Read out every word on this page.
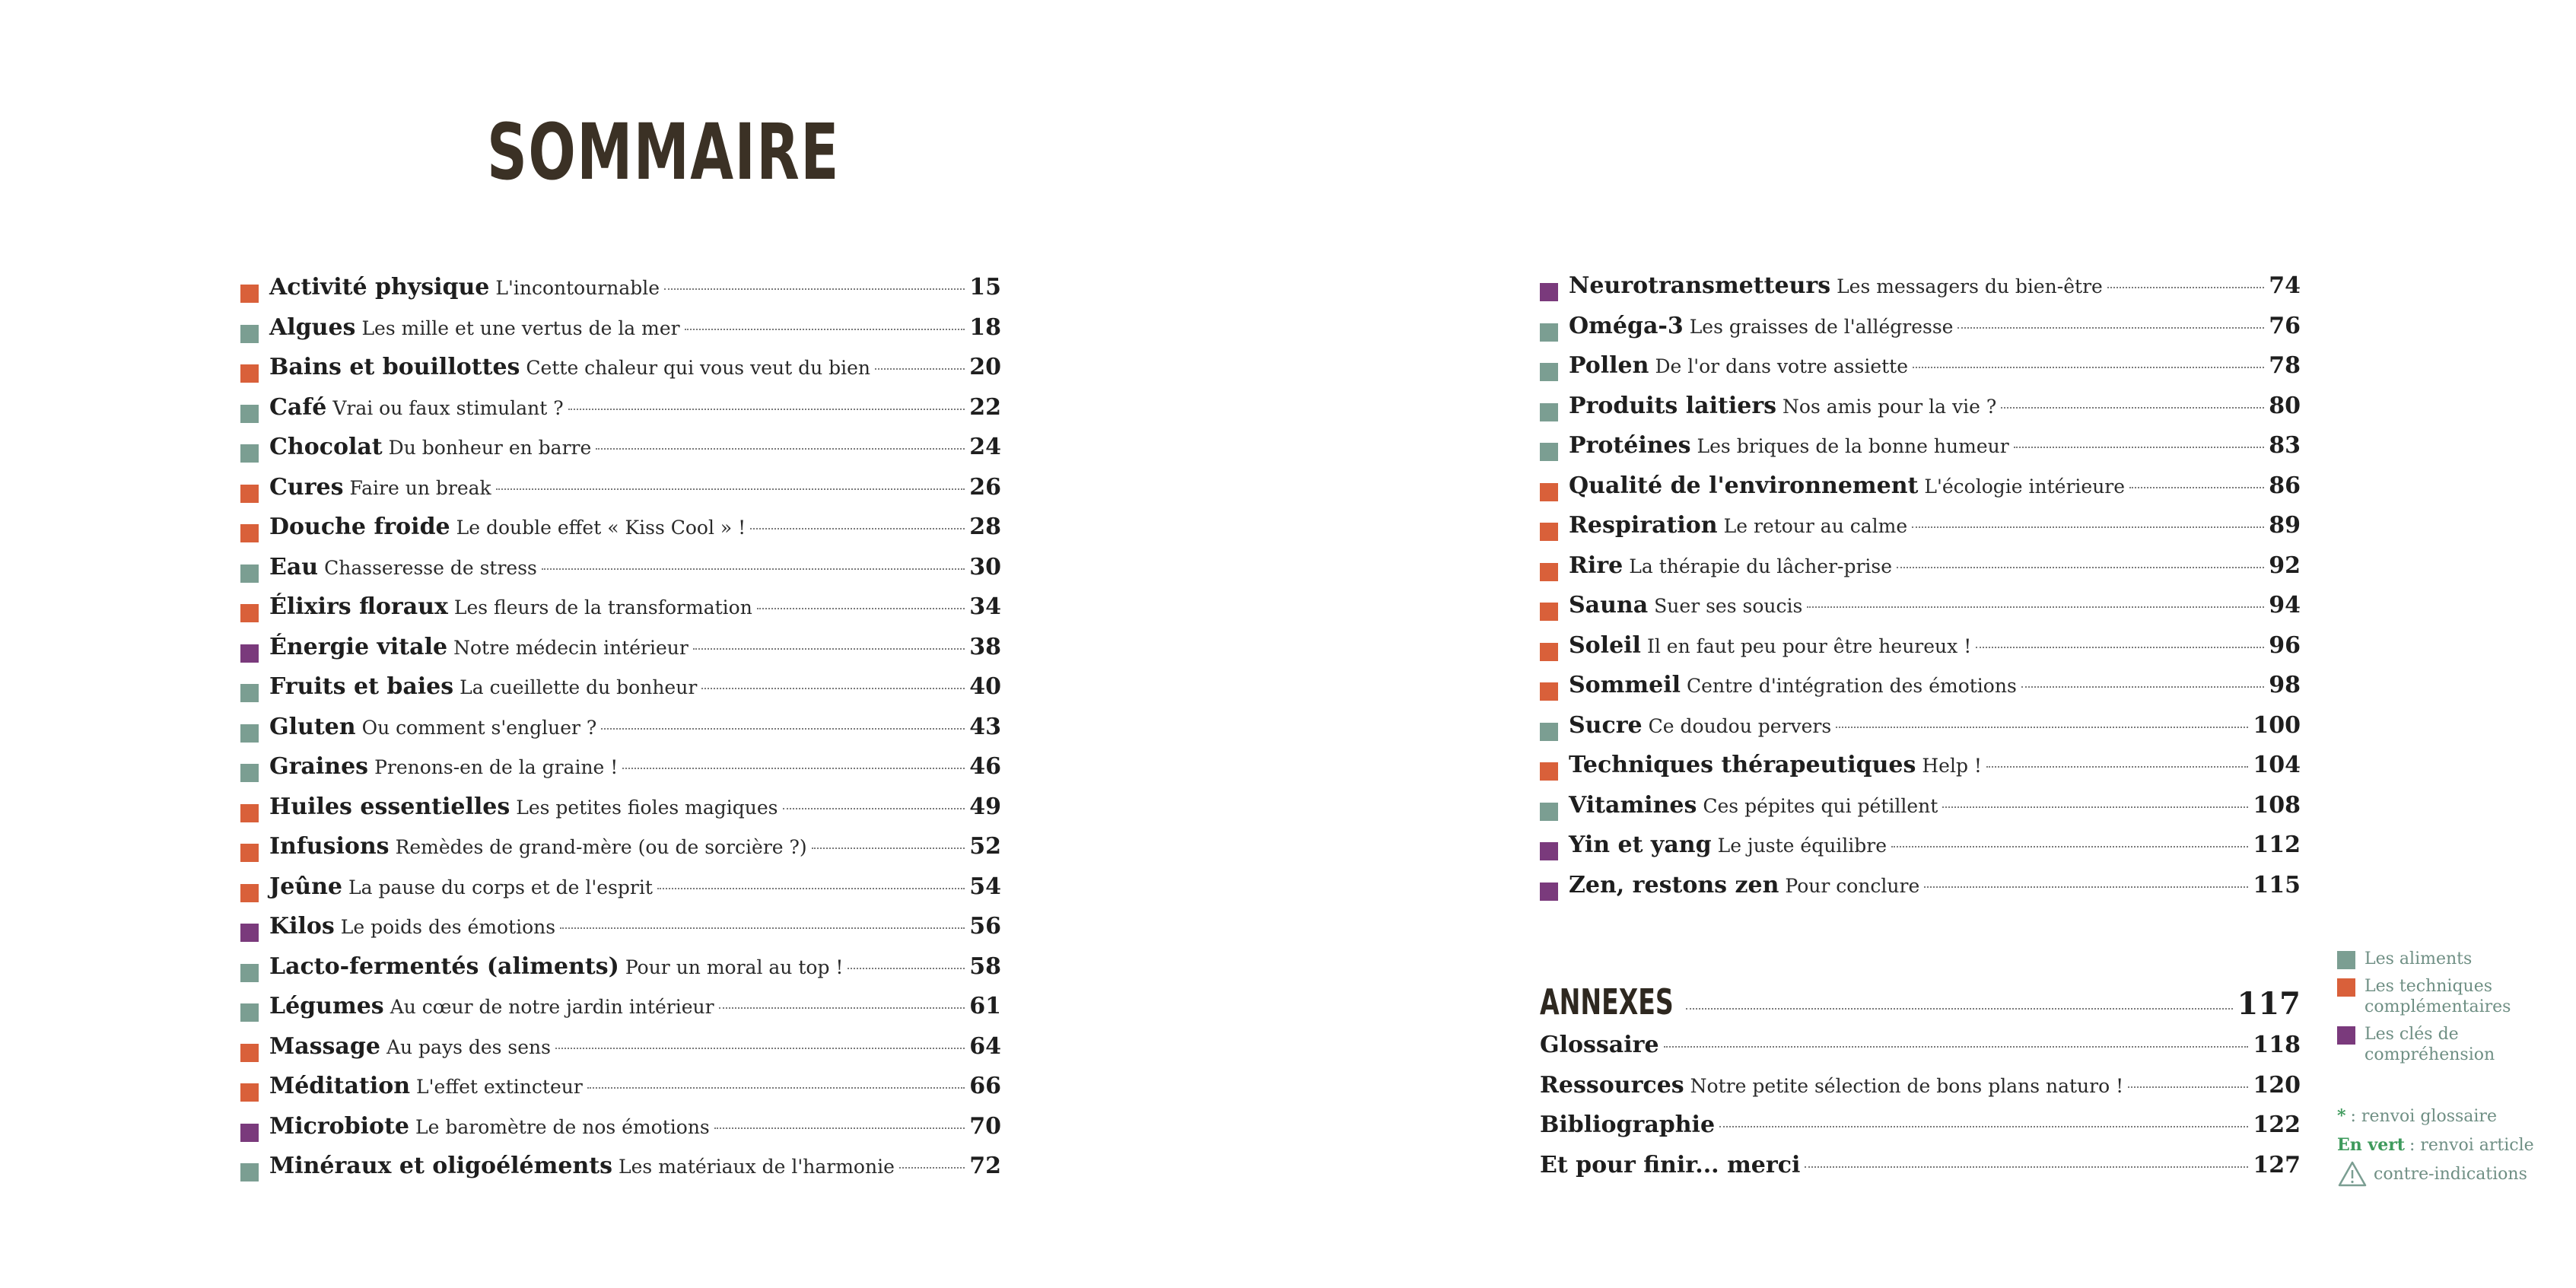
SOMMAIRE
Activité physique L'incontournable	15
Algues Les mille et une vertus de la mer	18
Bains et bouillottes Cette chaleur qui vous veut du bien	20
Café Vrai ou faux stimulant ?	22
Chocolat Du bonheur en barre	24
Cures Faire un break	26
Douche froide Le double effet « Kiss Cool » !	28
Eau Chasseresse de stress	30
Élixirs floraux Les fleurs de la transformation	34
Énergie vitale Notre médecin intérieur	38
Fruits et baies La cueillette du bonheur	40
Gluten Ou comment s'engluer ?	43
Graines Prenons-en de la graine !	46
Huiles essentielles Les petites fioles magiques	49
Infusions Remèdes de grand-mère (ou de sorcière ?)	52
Jeûne La pause du corps et de l'esprit	54
Kilos Le poids des émotions	56
Lacto-fermentés (aliments) Pour un moral au top !	58
Légumes Au cœur de notre jardin intérieur	61
Massage Au pays des sens	64
Méditation L'effet extincteur	66
Microbiote Le baromètre de nos émotions	70
Minéraux et oligoéléments Les matériaux de l'harmonie	72
Neurotransmetteurs Les messagers du bien-être	74
Oméga-3 Les graisses de l'allégresse	76
Pollen De l'or dans votre assiette	78
Produits laitiers Nos amis pour la vie ?	80
Protéines Les briques de la bonne humeur	83
Qualité de l'environnement L'écologie intérieure	86
Respiration Le retour au calme	89
Rire La thérapie du lâcher-prise	92
Sauna Suer ses soucis	94
Soleil Il en faut peu pour être heureux !	96
Sommeil Centre d'intégration des émotions	98
Sucre Ce doudou pervers	100
Techniques thérapeutiques Help !	104
Vitamines Ces pépites qui pétillent	108
Yin et yang Le juste équilibre	112
Zen, restons zen Pour conclure	115
ANNEXES	117
Glossaire	118
Ressources Notre petite sélection de bons plans naturo !	120
Bibliographie	122
Et pour finir... merci	127
Les aliments
Les techniques complémentaires
Les clés de compréhension
* : renvoi glossaire
En vert : renvoi article
contre-indications
